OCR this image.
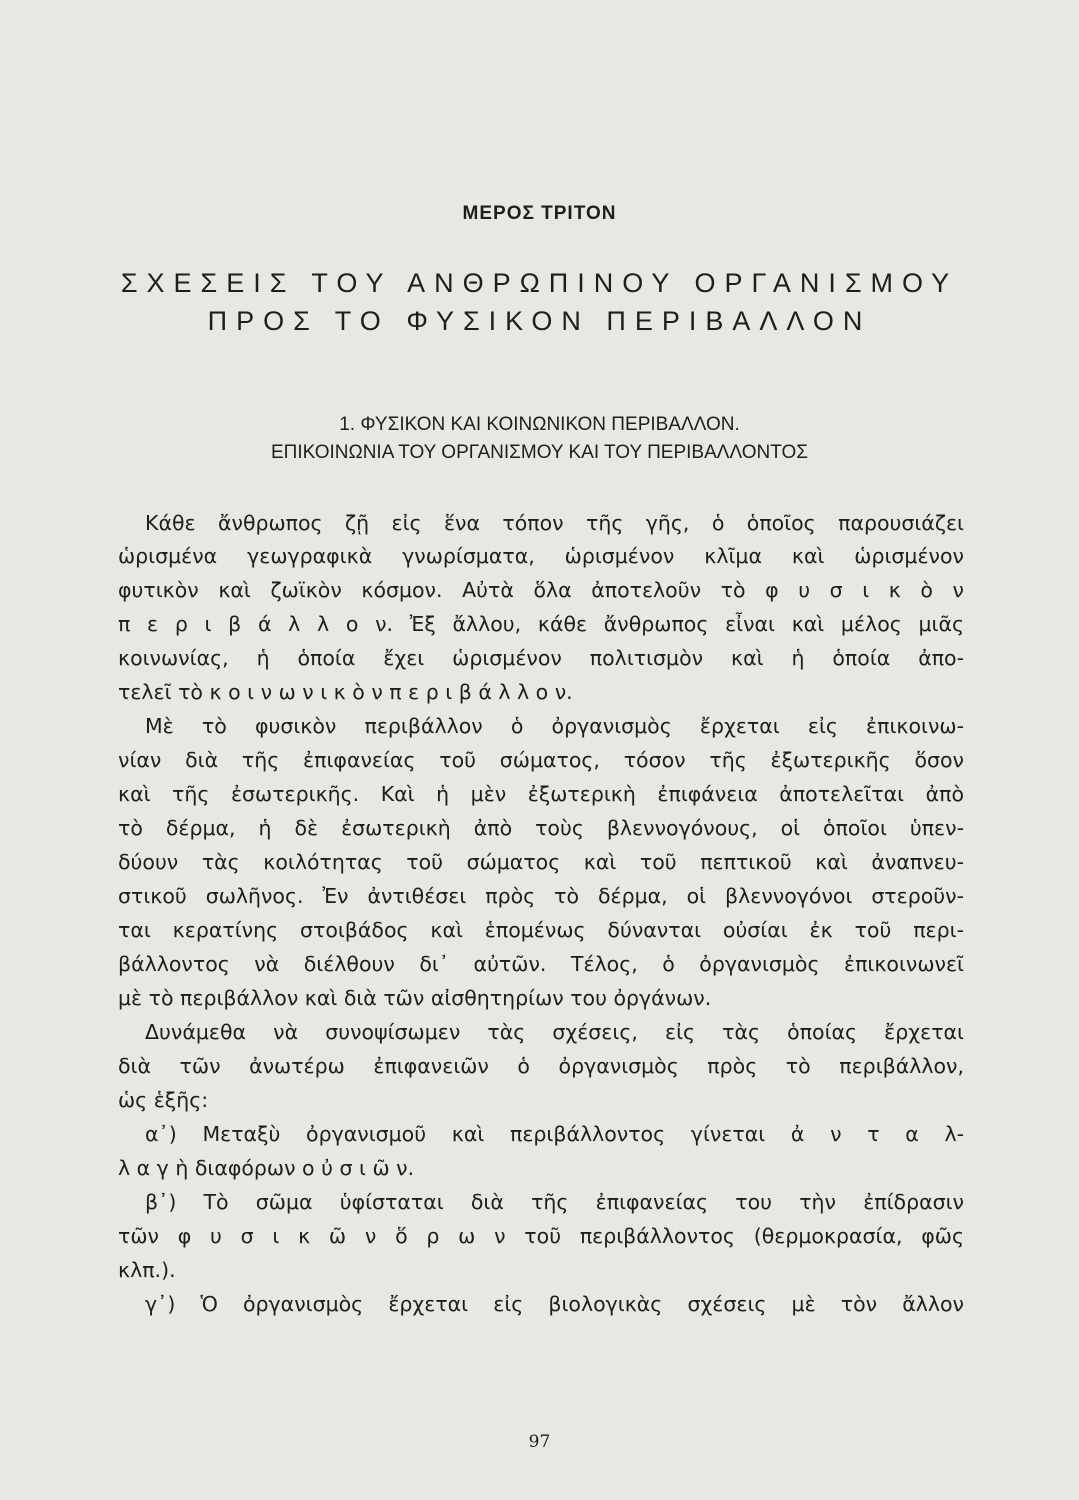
ΜΕΡΟΣ ΤΡΙΤΟΝ
ΣΧΕΣΕΙΣ ΤΟΥ ΑΝΘΡΩΠΙΝΟΥ ΟΡΓΑΝΙΣΜΟΥ
ΠΡΟΣ ΤΟ ΦΥΣΙΚΟΝ ΠΕΡΙΒΑΛΛΟΝ
1. ΦΥΣΙΚΟΝ ΚΑΙ ΚΟΙΝΩΝΙΚΟΝ ΠΕΡΙΒΑΛΛΟΝ.
ΕΠΙΚΟΙΝΩΝΙΑ ΤΟΥ ΟΡΓΑΝΙΣΜΟΥ ΚΑΙ ΤΟΥ ΠΕΡΙΒΑΛΛΟΝΤΟΣ
Κάθε ἄνθρωπος ζῇ εἰς ἕνα τόπον τῆς γῆς, ὁ ὁποῖος παρουσιάζει
ὡρισμένα γεωγραφικὰ γνωρίσματα, ὡρισμένον κλῖμα καὶ ὡρισμένον
φυτικὸν καὶ ζωϊκὸν κόσμον. Αὐτὰ ὅλα ἀποτελοῦν τὸ φ υ σ ι κ ὸ ν
π ε ρ ι β ά λ λ ο ν. Ἐξ ἄλλου, κάθε ἄνθρωπος εἶναι καὶ μέλος μιᾶς
κοινωνίας, ἡ ὁποία ἔχει ὡρισμένον πολιτισμὸν καὶ ἡ ὁποία ἀπο-
τελεῖ τὸ κ ο ι ν ω ν ι κ ὸ ν π ε ρ ι β ά λ λ ο ν.
Μὲ τὸ φυσικὸν περιβάλλον ὁ ὀργανισμὸς ἔρχεται εἰς ἐπικοινω-
νίαν διὰ τῆς ἐπιφανείας τοῦ σώματος, τόσον τῆς ἐξωτερικῆς ὅσον
καὶ τῆς ἐσωτερικῆς. Καὶ ἡ μὲν ἐξωτερικὴ ἐπιφάνεια ἀποτελεῖται ἀπὸ
τὸ δέρμα, ἡ δὲ ἐσωτερικὴ ἀπὸ τοὺς βλεννογόνους, οἱ ὁποῖοι ὑπεν-
δύουν τὰς κοιλότητας τοῦ σώματος καὶ τοῦ πεπτικοῦ καὶ ἀναπνευ-
στικοῦ σωλῆνος. Ἐν ἀντιθέσει πρὸς τὸ δέρμα, οἱ βλεννογόνοι στεροῦν-
ται κερατίνης στοιβάδος καὶ ἑπομένως δύνανται οὐσίαι ἐκ τοῦ περι-
βάλλοντος νὰ διέλθουν δι᾽ αὐτῶν. Τέλος, ὁ ὀργανισμὸς ἐπικοινωνεῖ
μὲ τὸ περιβάλλον καὶ διὰ τῶν αἰσθητηρίων του ὀργάνων.
Δυνάμεθα νὰ συνοψίσωμεν τὰς σχέσεις, εἰς τὰς ὁποίας ἔρχεται
διὰ τῶν ἀνωτέρω ἐπιφανειῶν ὁ ὀργανισμὸς πρὸς τὸ περιβάλλον,
ὡς ἑξῆς:
α᾽) Μεταξὺ ὀργανισμοῦ καὶ περιβάλλοντος γίνεται ἀ ν τ α λ-
λ α γ ὴ διαφόρων ο ὐ σ ι ῶ ν.
β᾽) Τὸ σῶμα ὑφίσταται διὰ τῆς ἐπιφανείας του τὴν ἐπίδρασιν
τῶν φ υ σ ι κ ῶ ν ὅ ρ ω ν τοῦ περιβάλλοντος (θερμοκρασία, φῶς
κλπ.).
γ᾽) Ὁ ὀργανισμὸς ἔρχεται εἰς βιολογικὰς σχέσεις μὲ τὸν ἄλλον
97
